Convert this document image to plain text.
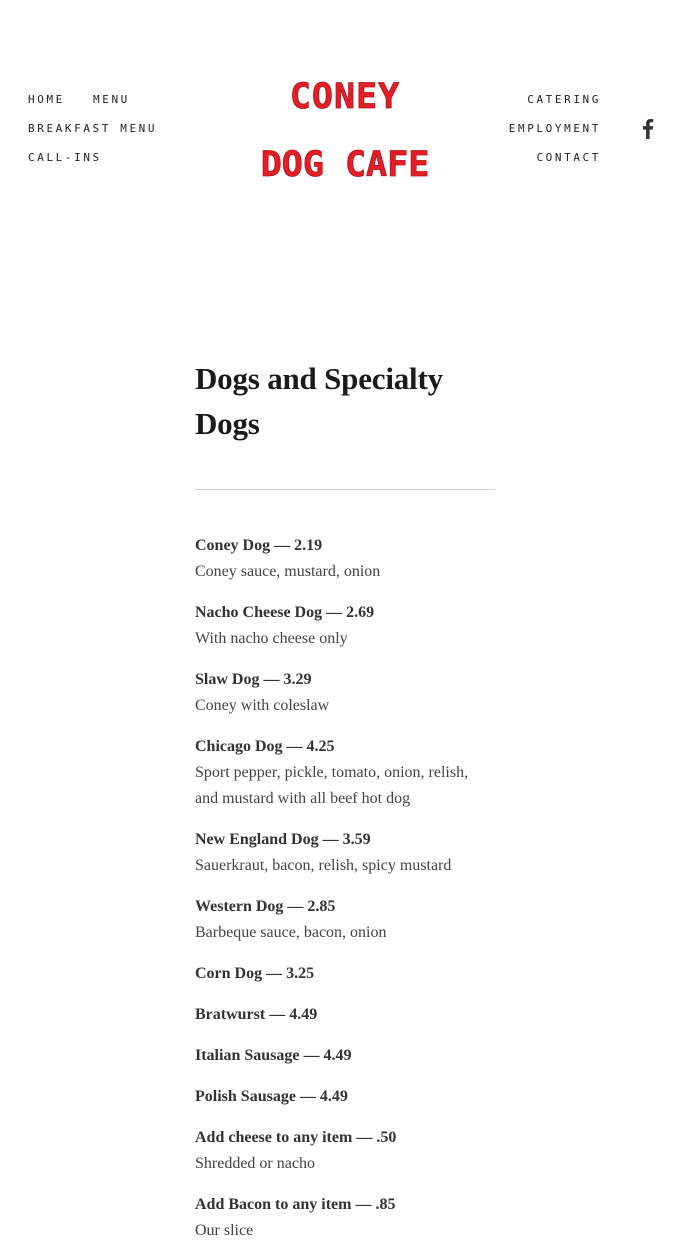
HOME	MENU
BREAKFAST MENU
CALL-INS
CONEY
DOG CAFE
CATERING
EMPLOYMENT
CONTACT
Dogs and Specialty Dogs
Coney Dog — 2.19
Coney sauce, mustard, onion
Nacho Cheese Dog — 2.69
With nacho cheese only
Slaw Dog — 3.29
Coney with coleslaw
Chicago Dog — 4.25
Sport pepper, pickle, tomato, onion, relish, and mustard with all beef hot dog
New England Dog — 3.59
Sauerkraut, bacon, relish, spicy mustard
Western Dog — 2.85
Barbeque sauce, bacon, onion
Corn Dog — 3.25
Bratwurst — 4.49
Italian Sausage — 4.49
Polish Sausage — 4.49
Add cheese to any item — .50
Shredded or nacho
Add Bacon to any item — .85
Our slice
